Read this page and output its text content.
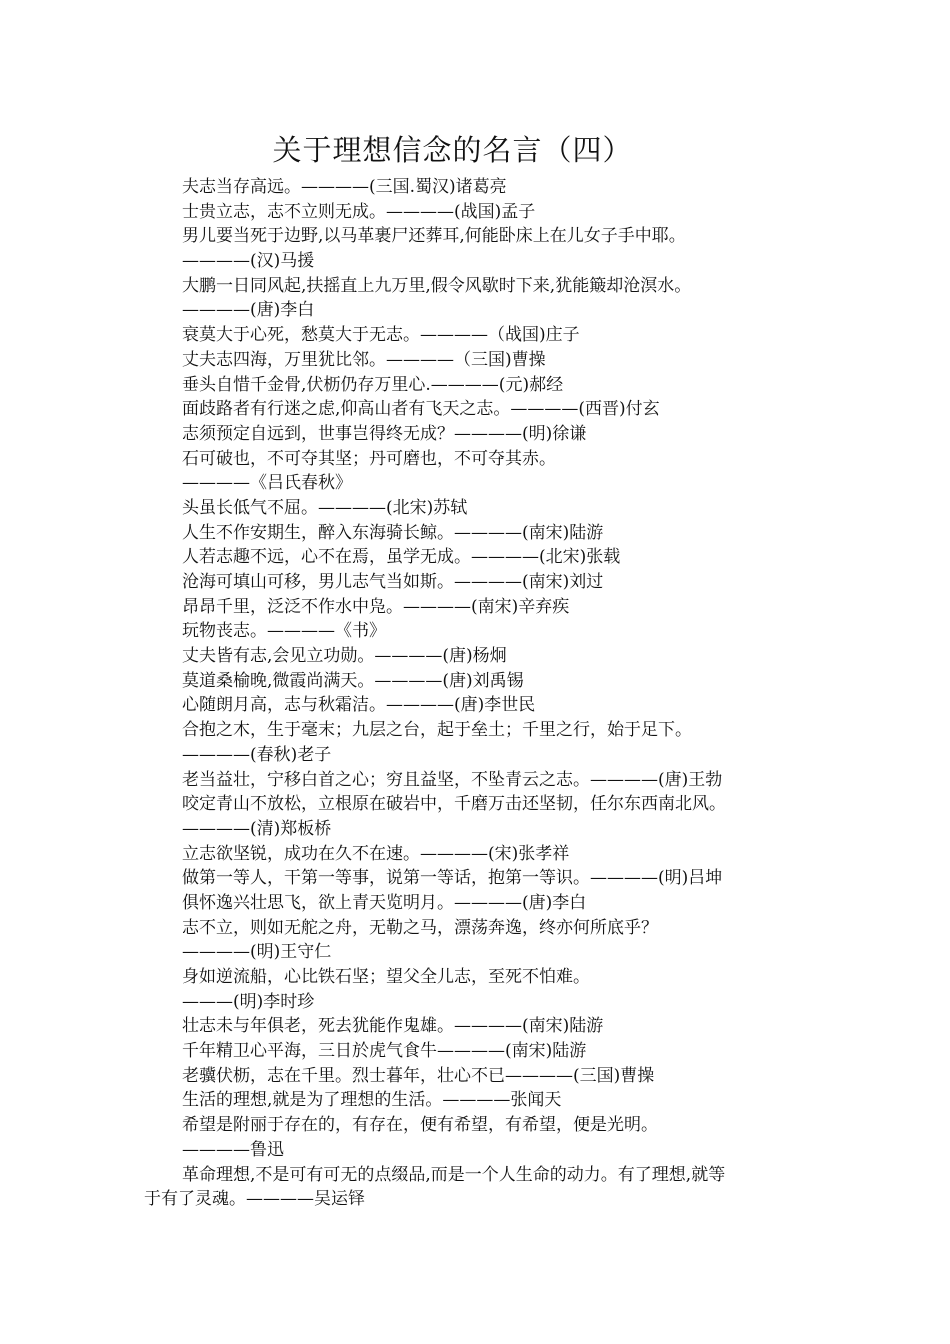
关于理想信念的名言（四）
夫志当存高远。————(三国.蜀汉)诸葛亮
士贵立志，志不立则无成。————(战国)孟子
男儿要当死于边野,以马革裹尸还葬耳,何能卧床上在儿女子手中耶。
————(汉)马援
大鹏一日同风起,扶摇直上九万里,假令风歇时下来,犹能簸却沧溟水。
————(唐)李白
衰莫大于心死，愁莫大于无志。————（战国)庄子
丈夫志四海，万里犹比邻。————（三国)曹操
垂头自惜千金骨,伏枥仍存万里心.————(元)郝经
面歧路者有行迷之虑,仰高山者有飞天之志。————(西晋)付玄
志须预定自远到，世事岂得终无成？————(明)徐谦
石可破也，不可夺其坚；丹可磨也，不可夺其赤。
————《吕氏春秋》
头虽长低气不屈。————(北宋)苏轼
人生不作安期生，醉入东海骑长鲸。————(南宋)陆游
人若志趣不远，心不在焉，虽学无成。————(北宋)张载
沧海可填山可移，男儿志气当如斯。————(南宋)刘过
昂昂千里，泛泛不作水中凫。————(南宋)辛弃疾
玩物丧志。————《书》
丈夫皆有志,会见立功勋。————(唐)杨炯
莫道桑榆晚,微霞尚满天。————(唐)刘禹锡
心随朗月高，志与秋霜洁。————(唐)李世民
合抱之木，生于毫末；九层之台，起于垒土；千里之行，始于足下。
————(春秋)老子
老当益壮，宁移白首之心；穷且益坚，不坠青云之志。————(唐)王勃
咬定青山不放松，立根原在破岩中，千磨万击还坚韧，任尔东西南北风。
————(清)郑板桥
立志欲坚锐，成功在久不在速。————(宋)张孝祥
做第一等人，干第一等事，说第一等话，抱第一等识。————(明)吕坤
俱怀逸兴壮思飞，欲上青天览明月。————(唐)李白
志不立，则如无舵之舟，无勒之马，漂荡奔逸，终亦何所底乎？
————(明)王守仁
身如逆流船，心比铁石坚；望父全儿志，至死不怕难。
———(明)李时珍
壮志未与年俱老，死去犹能作鬼雄。————(南宋)陆游
千年精卫心平海，三日於虎气食牛————(南宋)陆游
老骥伏枥，志在千里。烈士暮年，壮心不已————(三国)曹操
生活的理想,就是为了理想的生活。————张闻天
希望是附丽于存在的，有存在，便有希望，有希望，便是光明。
————鲁迅
革命理想,不是可有可无的点缀品,而是一个人生命的动力。有了理想,就等
于有了灵魂。————吴运铎
